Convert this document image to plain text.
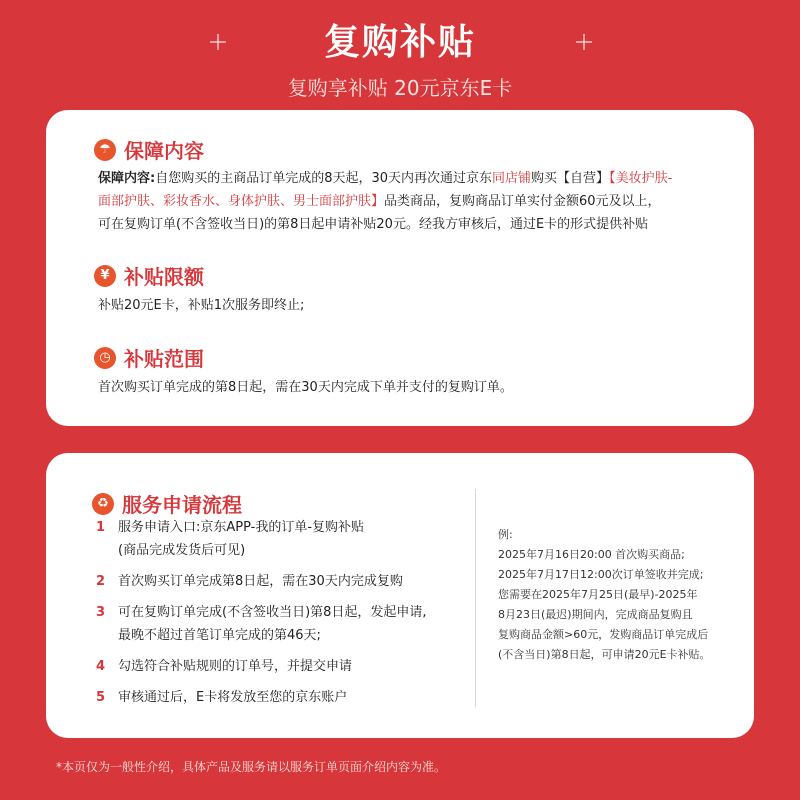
复购补贴
复购享补贴 20元京东E卡
☂ 保障内容
保障内容:自您购买的主商品订单完成的8天起，30天内再次通过京东同店铺购买【自营】【美妆护肤-
面部护肤、彩妆香水、身体护肤、男士面部护肤】品类商品，复购商品订单实付金额60元及以上，
可在复购订单(不含签收当日)的第8日起申请补贴20元。经我方审核后，通过E卡的形式提供补贴
¥ 补贴限额
补贴20元E卡，补贴1次服务即终止;
◷ 补贴范围
首次购买订单完成的第8日起，需在30天内完成下单并支付的复购订单。
♻ 服务申请流程
1 服务申请入口:京东APP-我的订单-复购补贴
(商品完成发货后可见)
2 首次购买订单完成第8日起，需在30天内完成复购
3 可在复购订单完成(不含签收当日)第8日起，发起申请,
最晚不超过首笔订单完成的第46天;
4 勾选符合补贴规则的订单号，并提交申请
5 审核通过后，E卡将发放至您的京东账户
例:
2025年7月16日20:00 首次购买商品;
2025年7月17日12:00次订单签收并完成;
您需要在2025年7月25日(最早)-2025年
8月23日(最迟)期间内，完成商品复购且
复购商品金额>60元，发购商品订单完成后
(不含当日)第8日起，可申请20元E卡补贴。
*本页仅为一般性介绍，具体产品及服务请以服务订单页面介绍内容为准。
